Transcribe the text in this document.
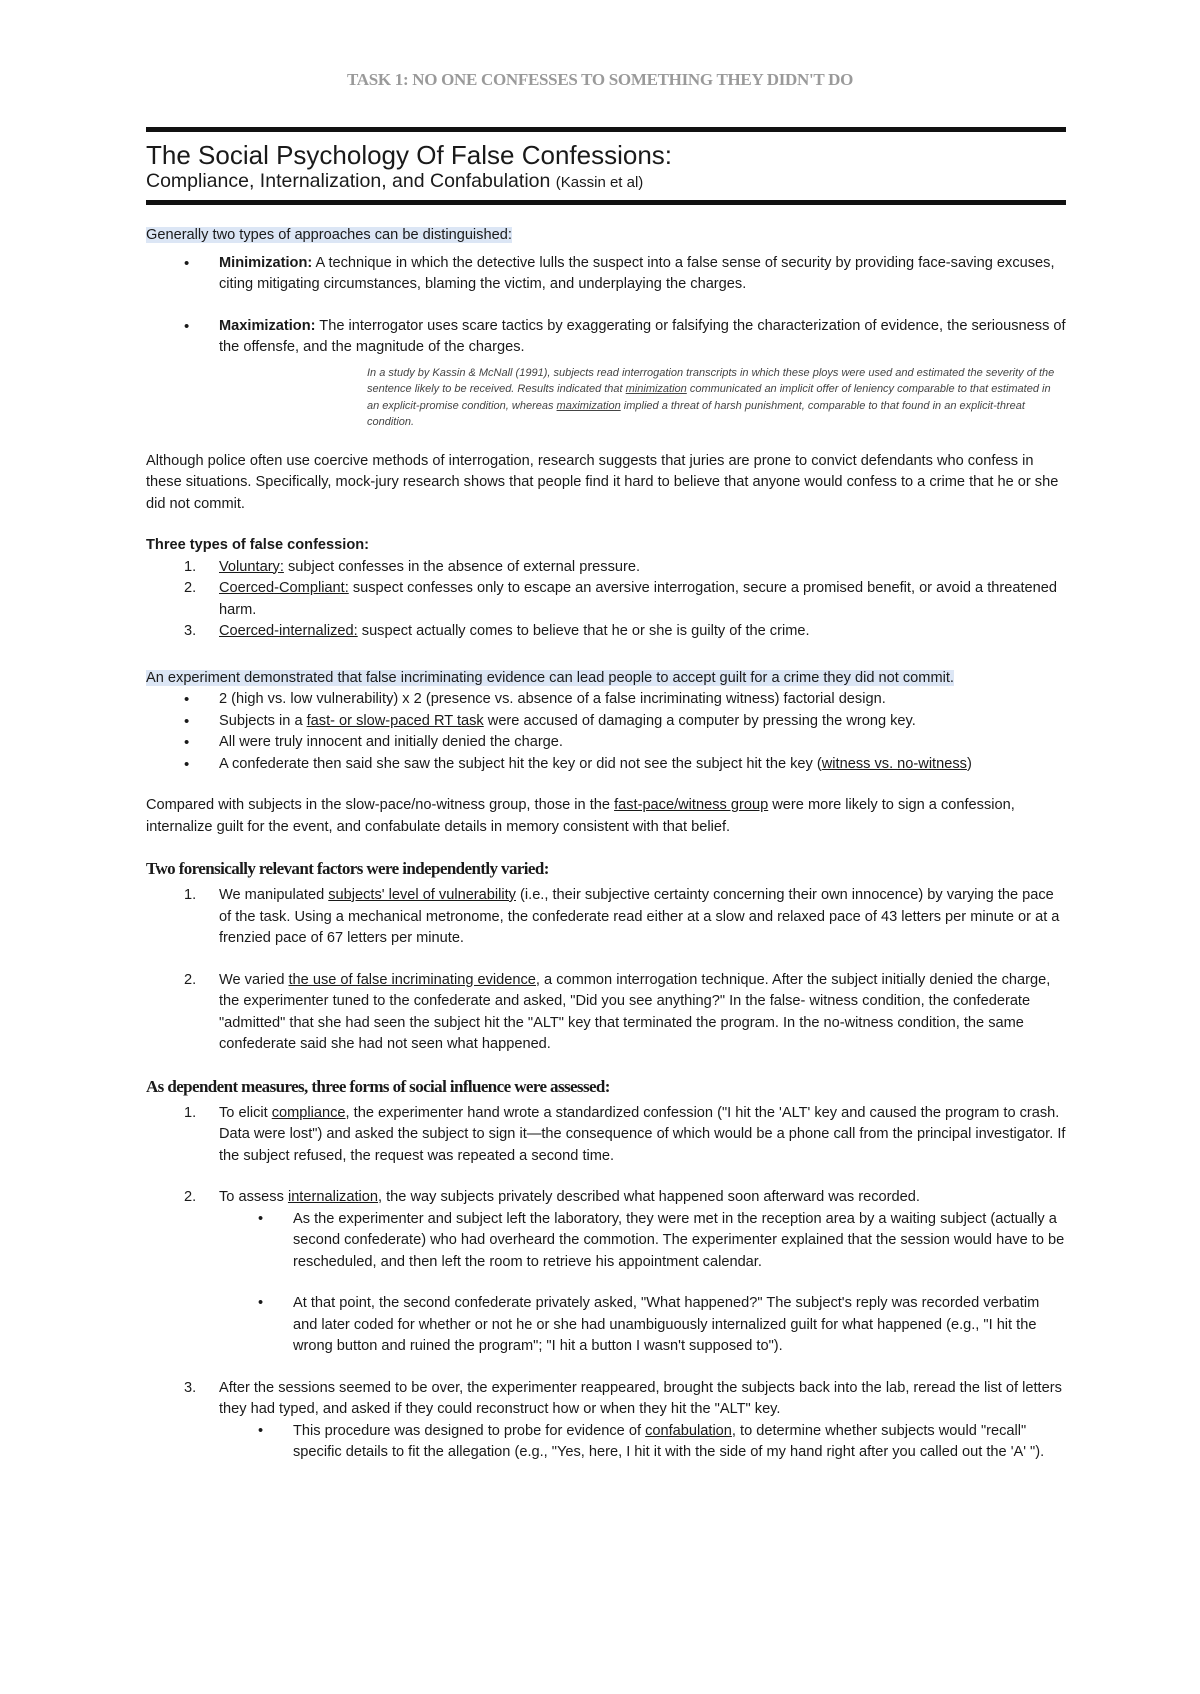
TASK 1: NO ONE CONFESSES TO SOMETHING THEY DIDN'T DO
The Social Psychology Of False Confessions:
Compliance, Internalization, and Confabulation (Kassin et al)

Generally two types of approaches can be distinguished:

• Minimization: A technique in which the detective lulls the suspect into a false sense of security by providing face-saving excuses, citing mitigating circumstances, blaming the victim, and underplaying the charges.
• Maximization: The interrogator uses scare tactics by exaggerating or falsifying the characterization of evidence, the seriousness of the offensfe, and the magnitude of the charges.
In a study by Kassin & McNall (1991), subjects read interrogation transcripts in which these ploys were used and estimated the severity of the sentence likely to be received. Results indicated that minimization communicated an implicit offer of leniency comparable to that estimated in an explicit-promise condition, whereas maximization implied a threat of harsh punishment, comparable to that found in an explicit-threat condition.

Although police often use coercive methods of interrogation, research suggests that juries are prone to convict defendants who confess in these situations. Specifically, mock-jury research shows that people find it hard to believe that anyone would confess to a crime that he or she did not commit.

Three types of false confession:

1. Voluntary: subject confesses in the absence of external pressure.
2. Coerced-Compliant: suspect confesses only to escape an aversive interrogation, secure a promised benefit, or avoid a threatened harm.
3. Coerced-internalized: suspect actually comes to believe that he or she is guilty of the crime.

An experiment demonstrated that false incriminating evidence can lead people to accept guilt for a crime they did not commit.

• 2 (high vs. low vulnerability) x 2 (presence vs. absence of a false incriminating witness) factorial design.
• Subjects in a fast- or slow-paced RT task were accused of damaging a computer by pressing the wrong key.
• All were truly innocent and initially denied the charge.
• A confederate then said she saw the subject hit the key or did not see the subject hit the key (witness vs. no-witness)

Compared with subjects in the slow-pace/no-witness group, those in the fast-pace/witness group were more likely to sign a confession, internalize guilt for the event, and confabulate details in memory consistent with that belief.

Two forensically relevant factors were independently varied:
1. We manipulated subjects' level of vulnerability (i.e., their subjective certainty concerning their own innocence) by varying the pace of the task. Using a mechanical metronome, the confederate read either at a slow and relaxed pace of 43 letters per minute or at a frenzied pace of 67 letters per minute.
2. We varied the use of false incriminating evidence, a common interrogation technique. After the subject initially denied the charge, the experimenter tuned to the confederate and asked, "Did you see anything?" In the false- witness condition, the confederate "admitted" that she had seen the subject hit the "ALT" key that terminated the program. In the no-witness condition, the same confederate said she had not seen what happened.
As dependent measures, three forms of social influence were assessed:
1. To elicit compliance, the experimenter hand wrote a standardized confession ("I hit the 'ALT' key and caused the program to crash. Data were lost") and asked the subject to sign it—the consequence of which would be a phone call from the principal investigator. If the subject refused, the request was repeated a second time.
2. To assess internalization, the way subjects privately described what happened soon afterward was recorded.
• As the experimenter and subject left the laboratory, they were met in the reception area by a waiting subject (actually a second confederate) who had overheard the commotion. The experimenter explained that the session would have to be rescheduled, and then left the room to retrieve his appointment calendar.
• At that point, the second confederate privately asked, "What happened?" The subject's reply was recorded verbatim and later coded for whether or not he or she had unambiguously internalized guilt for what happened (e.g., "I hit the wrong button and ruined the program"; "I hit a button I wasn't supposed to").
3. After the sessions seemed to be over, the experimenter reappeared, brought the subjects back into the lab, reread the list of letters they had typed, and asked if they could reconstruct how or when they hit the "ALT" key.
• This procedure was designed to probe for evidence of confabulation, to determine whether subjects would "recall" specific details to fit the allegation (e.g., "Yes, here, I hit it with the side of my hand right after you called out the 'A' ").
